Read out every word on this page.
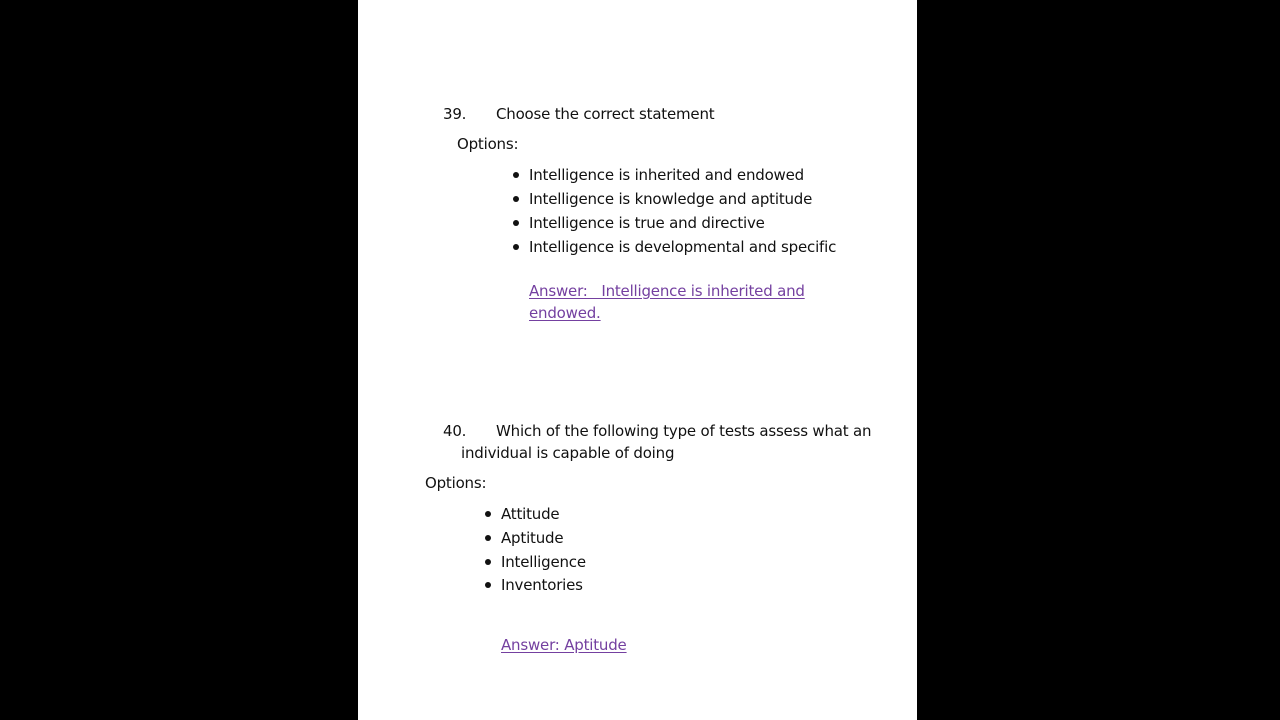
39. Choose the correct statement
Options:
Intelligence is inherited and endowed
Intelligence is knowledge and aptitude
Intelligence is true and directive
Intelligence is developmental and specific
Answer:   Intelligence is inherited and
endowed.
40. Which of the following type of tests assess what an
individual is capable of doing
Options:
Attitude
Aptitude
Intelligence
Inventories
Answer: Aptitude
